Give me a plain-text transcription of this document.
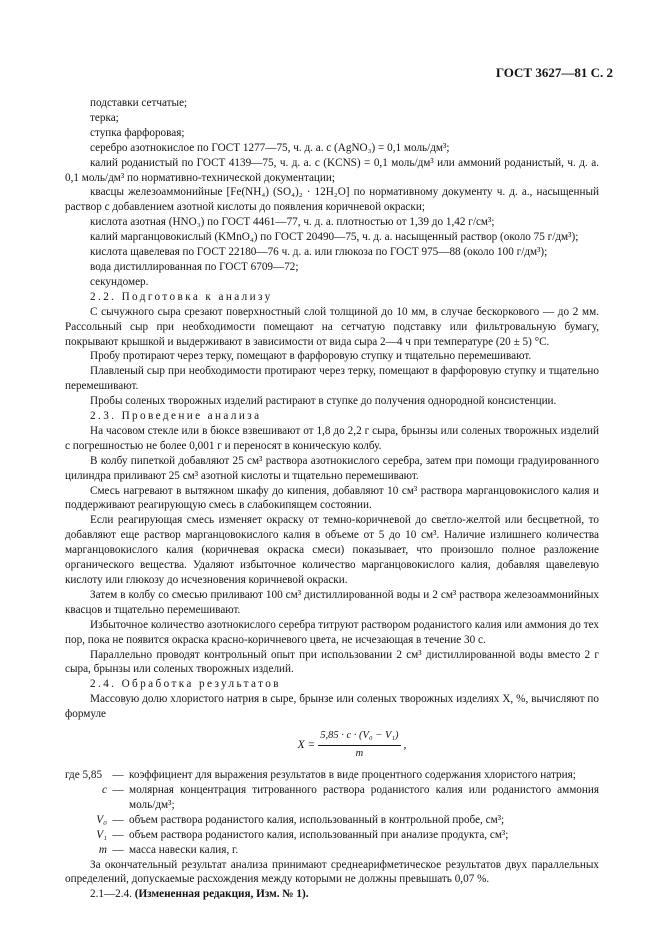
ГОСТ 3627—81 С. 2

подставки сетчатые;

терка;

ступка фарфоровая;

серебро азотнокислое по ГОСТ 1277—75, ч. д. а. с (AgNO₃) = 0,1 моль/дм³;

калий роданистый по ГОСТ 4139—75, ч. д. а. с (KCNS) = 0,1 моль/дм³ или аммоний роданистый, ч. д. а. 0,1 моль/дм³ по нормативно-технической документации;

квасцы железоаммонийные [Fe(NH₄) (SO₄)₂ · 12H₂O] по нормативному документу ч. д. а., насыщенный раствор с добавлением азотной кислоты до появления коричневой окраски;

кислота азотная (HNO₃) по ГОСТ 4461—77, ч. д. а. плотностью от 1,39 до 1,42 г/см³;

калий марганцовокислый (KMnO₄) по ГОСТ 20490—75, ч. д. а. насыщенный раствор (около 75 г/дм³);

кислота щавелевая по ГОСТ 22180—76 ч. д. а. или глюкоза по ГОСТ 975—88 (около 100 г/дм³);

вода дистиллированная по ГОСТ 6709—72;

секундомер.

2.2. Подготовка к анализу

С сычужного сыра срезают поверхностный слой толщиной до 10 мм, в случае бескоркового — до 2 мм. Рассольный сыр при необходимости помещают на сетчатую подставку или фильтровальную бумагу, покрывают крышкой и выдерживают в зависимости от вида сыра 2—4 ч при температуре (20 ± 5) °С.

Пробу протирают через терку, помещают в фарфоровую ступку и тщательно перемешивают.

Плавленый сыр при необходимости протирают через терку, помещают в фарфоровую ступку и тщательно перемешивают.

Пробы соленых творожных изделий растирают в ступке до получения однородной консистенции.

2.3. Проведение анализа

На часовом стекле или в бюксе взвешивают от 1,8 до 2,2 г сыра, брынзы или соленых творожных изделий с погрешностью не более 0,001 г и переносят в коническую колбу.

В колбу пипеткой добавляют 25 см³ раствора азотнокислого серебра, затем при помощи градуированного цилиндра приливают 25 см³ азотной кислоты и тщательно перемешивают.

Смесь нагревают в вытяжном шкафу до кипения, добавляют 10 см³ раствора марганцовокислого калия и поддерживают реагирующую смесь в слабокипящем состоянии.

Если реагирующая смесь изменяет окраску от темно-коричневой до светло-желтой или бесцветной, то добавляют еще раствор марганцовокислого калия в объеме от 5 до 10 см³. Наличие излишнего количества марганцовокислого калия (коричневая окраска смеси) показывает, что произошло полное разложение органического вещества. Удаляют избыточное количество марганцовокислого калия, добавляя щавелевую кислоту или глюкозу до исчезновения коричневой окраски.

Затем в колбу со смесью приливают 100 см³ дистиллированной воды и 2 см³ раствора железоаммонийных квасцов и тщательно перемешивают.

Избыточное количество азотнокислого серебра титруют раствором роданистого калия или аммония до тех пор, пока не появится окраска красно-коричневого цвета, не исчезающая в течение 30 с.

Параллельно проводят контрольный опыт при использовании 2 см³ дистиллированной воды вместо 2 г сыра, брынзы или соленых творожных изделий.

2.4. Обработка результатов

Массовую долю хлористого натрия в сыре, брынзе или соленых творожных изделиях X, %, вычисляют по формуле

$X = \frac{\text{5,85 · c · (V₀ − V₁)}}{m}$ ,
где 5,85 — коэффициент для выражения результатов в виде процентного содержания хлористого натрия;
c — молярная концентрация титрованного раствора роданистого калия или роданистого аммония моль/дм³;
V₀ — объем раствора роданистого калия, использованный в контрольной пробе, см³;
V₁ — объем раствора роданистого калия, использованный при анализе продукта, см³;
m — масса навески калия, г.

За окончательный результат анализа принимают среднеарифметическое результатов двух параллельных определений, допускаемые расхождения между которыми не должны превышать 0,07 %.

2.1—2.4. (Измененная редакция, Изм. № 1).
